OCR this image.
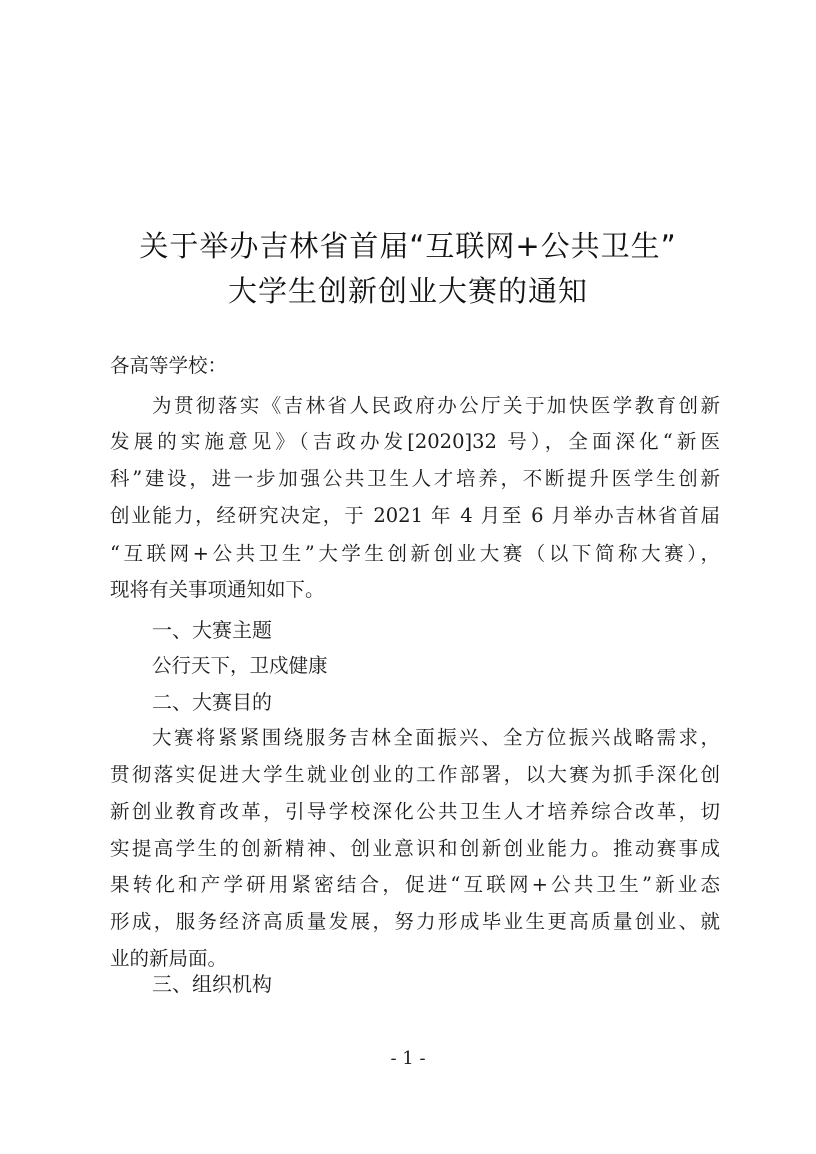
关于举办吉林省首届“互联网+公共卫生”
大学生创新创业大赛的通知
各高等学校：
为贯彻落实《吉林省人民政府办公厅关于加快医学教育创新
发展的实施意见》（吉政办发[2020]32 号），全面深化“新医
科”建设，进一步加强公共卫生人才培养，不断提升医学生创新
创业能力，经研究决定，于 2021 年 4 月至 6 月举办吉林省首届
“互联网+公共卫生”大学生创新创业大赛（以下简称大赛），
现将有关事项通知如下。
一、大赛主题
公行天下，卫戍健康
二、大赛目的
大赛将紧紧围绕服务吉林全面振兴、全方位振兴战略需求，
贯彻落实促进大学生就业创业的工作部署，以大赛为抓手深化创
新创业教育改革，引导学校深化公共卫生人才培养综合改革，切
实提高学生的创新精神、创业意识和创新创业能力。推动赛事成
果转化和产学研用紧密结合，促进“互联网+公共卫生”新业态
形成，服务经济高质量发展，努力形成毕业生更高质量创业、就
业的新局面。
三、组织机构
- 1 -
